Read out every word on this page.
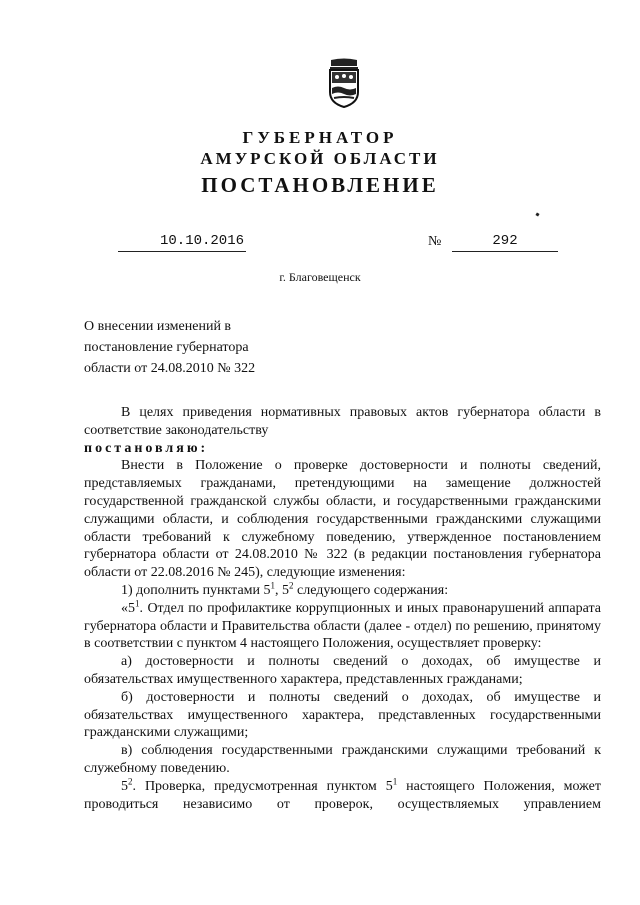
ГУБЕРНАТОР
АМУРСКОЙ ОБЛАСТИ
ПОСТАНОВЛЕНИЕ
10.10.2016	№	292
г. Благовещенск
О внесении изменений в
постановление губернатора
области от 24.08.2010 № 322

В целях приведения нормативных правовых актов губернатора области в соответствие законодательству

постановляю:

Внести в Положение о проверке достоверности и полноты сведений, представляемых гражданами, претендующими на замещение должностей государственной гражданской службы области, и государственными гражданскими служащими области, и соблюдения государственными гражданскими служащими области требований к служебному поведению, утвержденное постановлением губернатора области от 24.08.2010 № 322 (в редакции постановления губернатора области от 22.08.2016 № 245), следующие изменения:

1) дополнить пунктами $5^1$, $5^2$ следующего содержания:

«$5^1$. Отдел по профилактике коррупционных и иных правонарушений аппарата губернатора области и Правительства области (далее - отдел) по решению, принятому в соответствии с пунктом 4 настоящего Положения, осуществляет проверку:

а) достоверности и полноты сведений о доходах, об имуществе и обязательствах имущественного характера, представленных гражданами;

б) достоверности и полноты сведений о доходах, об имуществе и обязательствах имущественного характера, представленных государственными гражданскими служащими;

в) соблюдения государственными гражданскими служащими требований к служебному поведению.

$5^2$. Проверка, предусмотренная пунктом $5^1$ настоящего Положения, может проводиться независимо от проверок, осуществляемых управлением
